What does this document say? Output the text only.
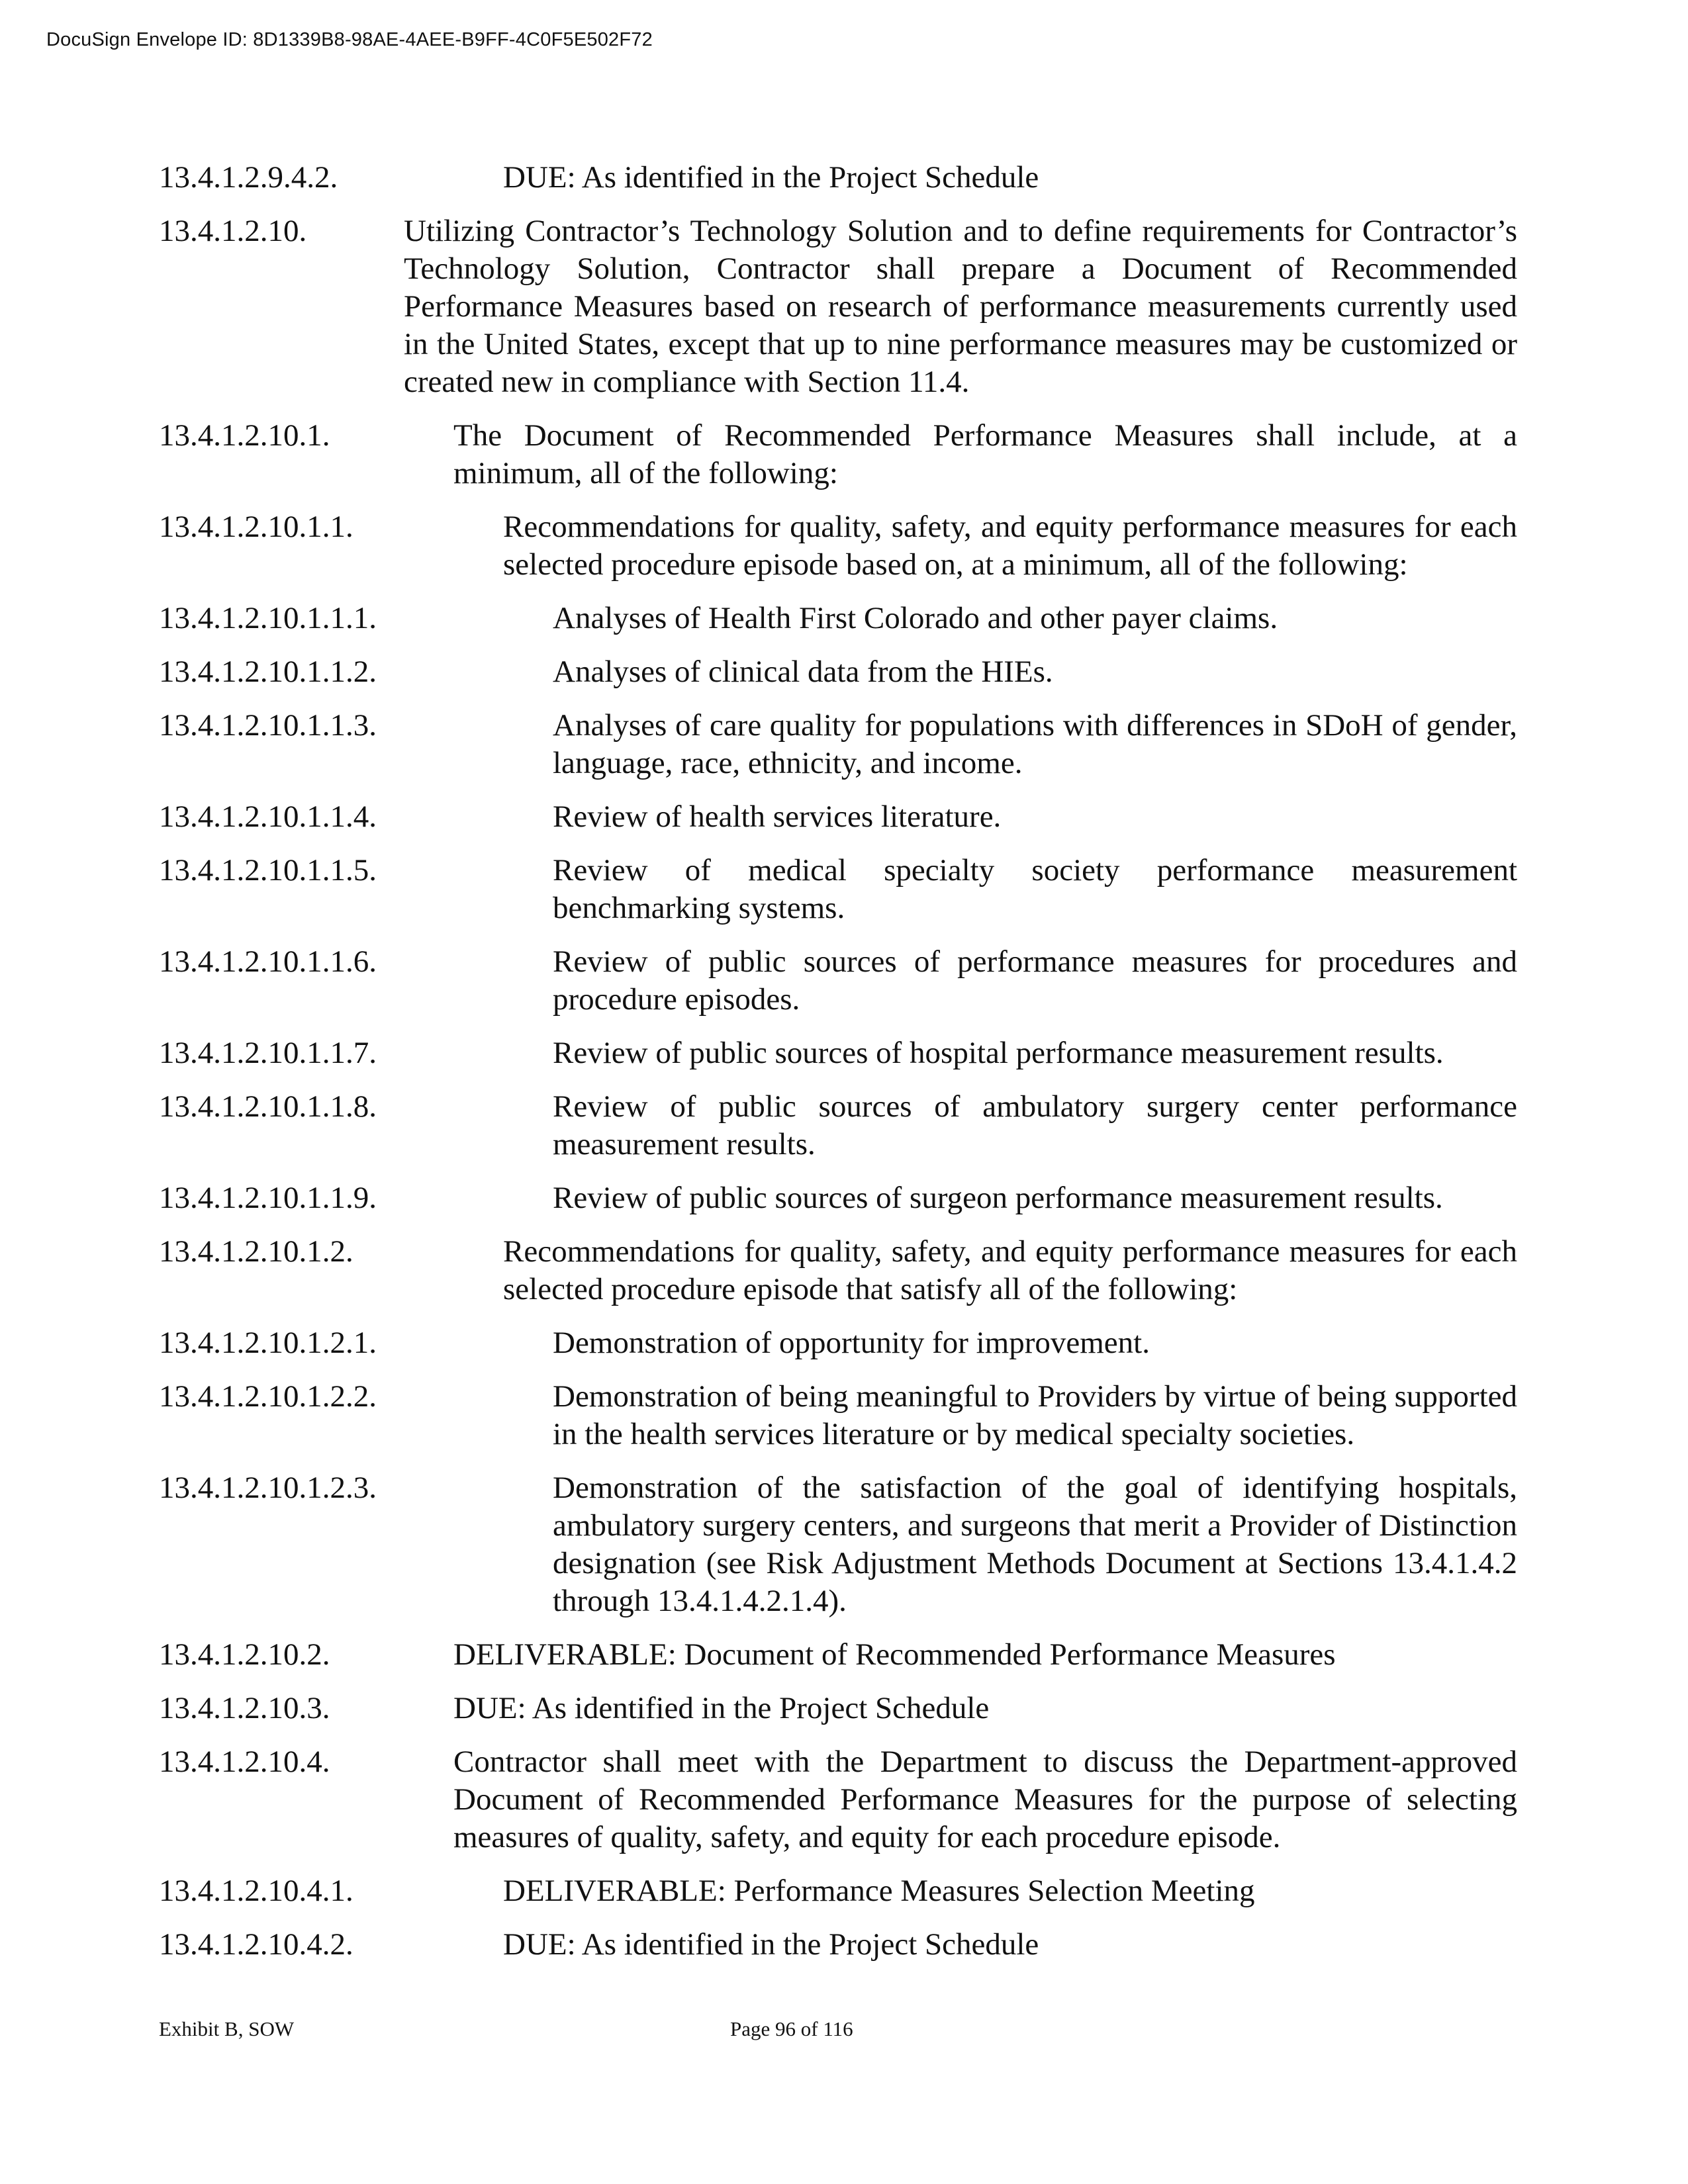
DocuSign Envelope ID: 8D1339B8-98AE-4AEE-B9FF-4C0F5E502F72
13.4.1.2.9.4.2.	DUE: As identified in the Project Schedule
13.4.1.2.10.	Utilizing Contractor’s Technology Solution and to define requirements for Contractor’s Technology Solution, Contractor shall prepare a Document of Recommended Performance Measures based on research of performance measurements currently used in the United States, except that up to nine performance measures may be customized or created new in compliance with Section 11.4.
13.4.1.2.10.1.	The Document of Recommended Performance Measures shall include, at a minimum, all of the following:
13.4.1.2.10.1.1.	Recommendations for quality, safety, and equity performance measures for each selected procedure episode based on, at a minimum, all of the following:
13.4.1.2.10.1.1.1.	Analyses of Health First Colorado and other payer claims.
13.4.1.2.10.1.1.2.	Analyses of clinical data from the HIEs.
13.4.1.2.10.1.1.3.	Analyses of care quality for populations with differences in SDoH of gender, language, race, ethnicity, and income.
13.4.1.2.10.1.1.4.	Review of health services literature.
13.4.1.2.10.1.1.5.	Review of medical specialty society performance measurement benchmarking systems.
13.4.1.2.10.1.1.6.	Review of public sources of performance measures for procedures and procedure episodes.
13.4.1.2.10.1.1.7.	Review of public sources of hospital performance measurement results.
13.4.1.2.10.1.1.8.	Review of public sources of ambulatory surgery center performance measurement results.
13.4.1.2.10.1.1.9.	Review of public sources of surgeon performance measurement results.
13.4.1.2.10.1.2.	Recommendations for quality, safety, and equity performance measures for each selected procedure episode that satisfy all of the following:
13.4.1.2.10.1.2.1.	Demonstration of opportunity for improvement.
13.4.1.2.10.1.2.2.	Demonstration of being meaningful to Providers by virtue of being supported in the health services literature or by medical specialty societies.
13.4.1.2.10.1.2.3.	Demonstration of the satisfaction of the goal of identifying hospitals, ambulatory surgery centers, and surgeons that merit a Provider of Distinction designation (see Risk Adjustment Methods Document at Sections 13.4.1.4.2 through 13.4.1.4.2.1.4).
13.4.1.2.10.2.	DELIVERABLE: Document of Recommended Performance Measures
13.4.1.2.10.3.	DUE: As identified in the Project Schedule
13.4.1.2.10.4.	Contractor shall meet with the Department to discuss the Department-approved Document of Recommended Performance Measures for the purpose of selecting measures of quality, safety, and equity for each procedure episode.
13.4.1.2.10.4.1.	DELIVERABLE: Performance Measures Selection Meeting
13.4.1.2.10.4.2.	DUE: As identified in the Project Schedule
Exhibit B, SOW	Page 96 of 116
